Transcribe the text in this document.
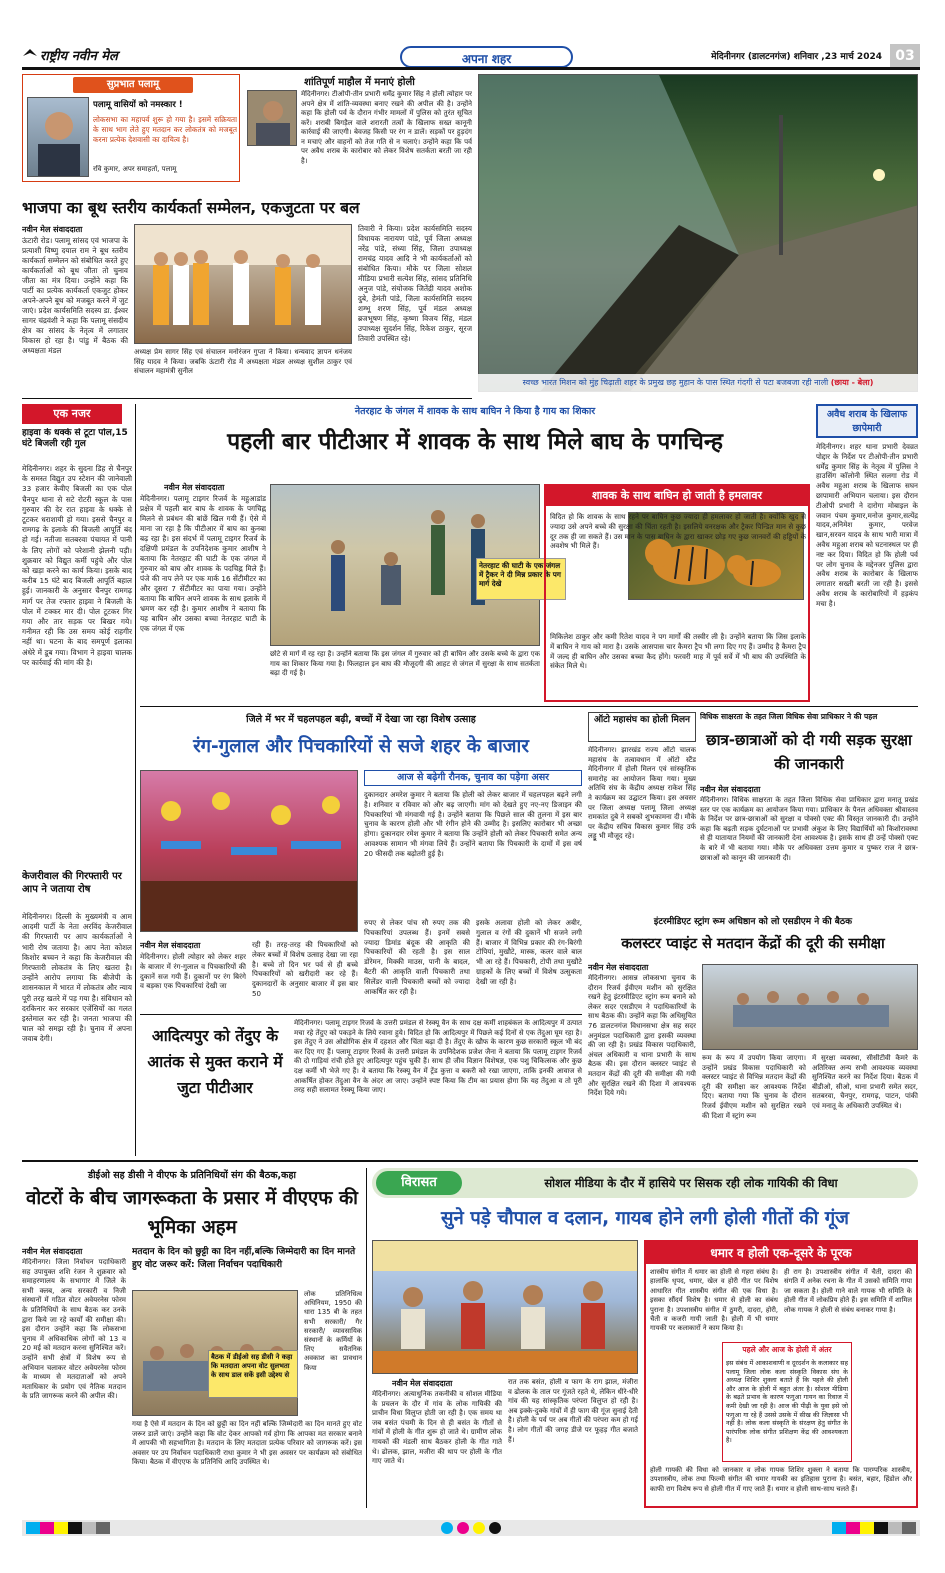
राष्ट्रीय नवीन मेल	अपना शहर	मेदिनीनगर (डालटनगंज) शनिवार ,23 मार्च 2024 03
सुप्रभात पलामू
पलामू वासियों को नमस्कार !
लोकसभा का महापर्व शुरू हो गया है। इसमें सक्रियता के साथ भाग लेते हुए मतदान कर लोकतंत्र को मजबूत करना प्रत्येक देशवासी का दायित्व है।
रवि कुमार, अपर समाहर्ता, पलामू
शांतिपूर्ण माहौल में मनाएं होली
मेदिनीनगर। टीओपी-तीन प्रभारी धर्मेंद्र कुमार सिंह ने होली त्योहार पर अपने क्षेत्र में शांति-व्यवस्था बनाए रखने की अपील की है। उन्होंने कहा कि होली पर्व के दौरान गंभीर मामलों में पुलिस को तुरंत सूचित करें। शराबी बिगड़ैल वाले शरारती तत्वों के खिलाफ सख्त कानूनी कार्रवाई की जाएगी। बेवजह किसी पर रंग न डालें। सड़कों पर हुड़दंग न मचाएं और वाहनों को तेज गति से न चलाएं। उन्होंने कहा कि पर्व पर अवैध शराब के कारोबार को लेकर विशेष सतर्कता बरती जा रही है।
स्वच्छ भारत मिशन को मुंह चिढ़ाती शहर के प्रमुख छह मुहान के पास स्थित गंदगी से पटा बजबजा रही नाली (छाया - बेला)
भाजपा का बूथ स्तरीय कार्यकर्ता सम्मेलन, एकजुटता पर बल
नवीन मेल संवाददाता
ऊंटारी रोड। पलामू सांसद एवं भाजपा के प्रत्याशी विष्णु दयाल राम ने बूथ स्तरीय कार्यकर्ता सम्मेलन को संबोधित करते हुए कार्यकर्ताओं को बूथ जीता तो चुनाव जीता का मंत्र दिया। उन्होंने कहा कि पार्टी का प्रत्येक कार्यकर्ता एकजुट होकर अपने-अपने बूथ को मजबूत करने में जुट जाएं। प्रदेश कार्यसमिति सदस्य डा. ईश्वर सागर चंद्रवंशी ने कहा कि पलामू संसदीय क्षेत्र का सांसद के नेतृत्व में लगातार विकास हो रहा है। पांडु में बैठक की अध्यक्षता मंडल	अध्यक्ष प्रेम सागर सिंह एवं संचालन मनोरंजन गुप्ता ने किया। धन्यवाद ज्ञापन धनंजय सिंह यादव ने किया। जबकि ऊंटारी रोड में अध्यक्षता मंडल अध्यक्ष सुशील ठाकुर एवं संचालन महामंत्री सुनील
तिवारी ने किया। प्रदेश कार्यसमिति सदस्य विधायक नारायण पांडे, पूर्व जिला अध्यक्ष नरेंद्र पांडे, संध्या सिंह, जिला उपाध्यक्ष रामचंद्र यादव आदि ने भी कार्यकर्ताओं को संबोधित किया। मौके पर जिला सोशल मीडिया प्रभारी सत्येश सिंह, सांसद प्रतिनिधि अनुज पांडे, संयोजक जितेंद्री यादव अशोक दुबे, हेमंती पांडे, जिला कार्यसमिति सदस्य शम्भू शरण सिंह, पूर्व मंडल अध्यक्ष ब्रजभूषण सिंह, कृष्णा विजय सिंह, मंडल उपाध्यक्ष सुदर्शन सिंह, रिकेश ठाकुर, सूरज तिवारी उपस्थित रहे।
एक नजर
हाइवा के धक्के से टूटा पोल,15 घंटे बिजली रही गुल
मेदिनीनगर। शहर के सुदना डिह से चैनपुर के समस्त विद्युत उप स्टेशन की जानेवाली 33 हजार केवीए बिजली का एक पोल चैनपुर थाना से सटे रोटरी स्कूल के पास गुरुवार की देर रात हाइवा के धक्के से टूटकर धराशायी हो गया। इससे चैनपुर व रामगढ़ के इलाके की बिजली आपूर्ति बंद हो गई। नतीजा सतबरवा पंचायत में पानी के लिए लोगों को परेशानी झेलनी पड़ी। शुक्रवार को विद्युत कर्मी पहुंचे और पोल को खड़ा करने का कार्य किया। इसके बाद करीब 15 घंटे बाद बिजली आपूर्ति बहाल हुई। जानकारी के अनुसार चैनपुर रामगढ़ मार्ग पर तेज रफ्तार हाइवा ने बिजली के पोल में टक्कर मार दी। पोल टूटकर गिर गया और तार सड़क पर बिखर गये। गनीमत रही कि उस समय कोई राहगीर नहीं था। घटना के बाद समपूर्ण इलाका अंधेरे में डूब गया। विभाग ने हाइवा चालक पर कार्रवाई की मांग की है।
केजरीवाल की गिरफ्तारी पर आप ने जताया रोष
मेदिनीनगर। दिल्ली के मुख्यमंत्री व आम आदमी पार्टी के नेता अरविंद केजरीवाल की गिरफ्तारी पर आप कार्यकर्ताओं ने भारी रोष जताया है। आप नेता कोशल किशोर बच्चन ने कहा कि केजरीवाल की गिरफ्तारी लोकतंत्र के लिए खतरा है। उन्होंने आरोप लगाया कि बीजेपी के शासनकाल में भारत में लोकतंत्र और न्याय पूरी तरह खतरे में पड़ गया है। संविधान को दरकिनार कर सरकार एजेंसियों का गलत इस्तेमाल कर रही है। जनता भाजपा की चाल को समझ रही है। चुनाव में अपना जवाब देगी।
नेतरहाट के जंगल में शावक के साथ बाघिन ने किया है गाय का शिकार
पहली बार पीटीआर में शावक के साथ मिले बाघ के पगचिन्ह
नवीन मेल संवाददाता
मेदिनीनगर। पलामू टाइगर रिजर्व के महुआडांड प्रक्षेत्र में पहली बार बाघ के शावक के पगचिह्न मिलने से प्रबंधन की बांछें खिल गयी हैं। ऐसे में माना जा रहा है कि पीटीआर में बाघ का कुनबा बढ़ रहा है। इस संदर्भ में पलामू टाइगर रिजर्व के दक्षिणी प्रमंडल के उपनिदेशक कुमार आशीष ने बताया कि नेतरहाट की घाटी के एक जंगल में गुरुवार को बाघ और शावक के पदचिह्न मिले हैं। पंजे की नाप लेने पर एक मार्क 16 सेंटीमीटर का और दूसरा 7 सेंटीमीटर का पाया गया। उन्होंने बताया कि बाघिन अपने शावक के साथ इलाके में भ्रमण कर रही है। कुमार आशीष ने बताया कि यह बाघिन और उसका बच्चा नेतरहाट घाटी के एक जंगल में एक
नेतरहाट की घाटी के एक जंगल में ट्रैकर ने दी मिन्न प्रकार के पग मार्ग देखे
छोटे से मार्ग में रह रहा है। उन्होंने बताया कि इस जंगल में गुरुवार को ही बाघिन और उसके बच्चे के द्वारा एक गाय का शिकार किया गया है। फिलहाल इन बाघ की मौजूदगी की आहट से जंगल में सुरक्षा के साथ सतर्कता बढ़ा दी गई है।
शावक के साथ बाघिन हो जाती है हमलावर
विदित हो कि शावक के साथ रहने पर बाघिन कुछ ज्यादा ही हमलावर हो जाती है। क्योंकि खुद से ज्यादा उसे अपने बच्चे की सुरक्षा की चिंता रहती है। इसलिये वनरक्षक और ट्रैकर पिन्डित मान से कुछ दूर तक ही जा सकते हैं। उस मान के पास बाघिन के द्वारा खाकर छोड़ गए कुछ जानवरों की हड्डियों के अवशेष भी मिले हैं।
मिकिलेश ठाकुर और कमी रितेश यादव ने पग मार्गों की तस्वीर ली है। उन्होंने बताया कि जिस इलाके में बाघिन ने गाय को मारा है। उसके आसपास चार कैमरा ट्रैप भी लगा दिए गए हैं। उम्मीद है कैमरा ट्रैप में जल्द ही बाघिन और उसका बच्चा कैद होंगे। फरवरी माह में पूर्व सर्वे में भी बाघ की उपस्थिति के संकेत मिले थे।
अवैध शराब के खिलाफ छापेमारी
मेदिनीनगर। शहर थाना प्रभारी देवव्रत पोद्दार के निर्देश पर टीओपी-तीन प्रभारी धर्मेंद्र कुमार सिंह के नेतृत्व में पुलिस ने हाउसिंग कॉलोनी स्थित सलगा रोड में अवैध महुआ शराब के खिलाफ सघन छापामारी अभियान चलाया। इस दौरान टीओपी प्रभारी ने दारोगा मोबाइल के जवान पंचम कुमार,मनोज कुमार,सत्येंद्र यादव,अनिमेश कुमार, परवेज खान,सरवन यादव के साथ भारी मात्रा में अवैध महुआ शराब को घटनास्थल पर ही नष्ट कर दिया। विदित हो कि होली पर्व पर लोग चुनाव के मद्देनजर पुलिस द्वारा अवैध शराब के कारोबार के खिलाफ लगातार सख्ती बरती जा रही है। इससे अवैध शराब के कारोबारियों में हड़कंप मचा है।
जिले में भर में चहलपहल बढ़ी, बच्चों में देखा जा रहा विशेष उत्साह
रंग-गुलाल और पिचकारियों से सजे शहर के बाजार
आज से बढ़ेगी रौनक, चुनाव का पड़ेगा असर
दुकानदार अमरेश कुमार ने बताया कि होली को लेकर बाजार में चहलपहल बढ़ने लगी है। शनिवार व रविवार को और बढ़ जाएगी। मांग को देखते हुए नए-नए डिजाइन की पिचकारियां भी मंगवायी गई है। उन्होंने बताया कि पिछले साल की तुलना में इस बार चुनाव के कारण होली और भी रंगीन होने की उम्मीद है। इसलिए कारोबार भी अच्छा होगा। दुकानदार रमेश कुमार ने बताया कि उन्होंने होली को लेकर पिचकारी समेत अन्य आवश्यक सामान भी मंगवा लिये हैं। उन्होंने बताया कि पिचकारी के दामों में इस वर्ष 20 फीसदी तक बढ़ोतरी हुई है।
नवीन मेल संवाददाता
मेदिनीनगर। होली त्योहार को लेकर शहर के बाजार में रंग-गुलाल व पिचकारियों की दुकानें सज गयी हैं। दुकानों पर रंग बिरंगे व बड़का एक पिचकारियां देखी जा
रही हैं। तरह-तरह की पिचकारियों को लेकर बच्चों में विशेष उत्साह देखा जा रहा है। बच्चे तो दिन भर पर्व से ही बच्चे पिचकारियों को खरीदारी कर रहे हैं। दुकानदारों के अनुसार बाजार में इस बार 50
रुपए से लेकर पांच सौ रुपए तक की पिचकारियां उपलब्ध हैं। इनमें सबसे ज्यादा डिमांड बंदूक की आकृति की पिचकारियों की रहती है। इस साल डोरेमन, मिक्की माउस, पानी के बादल, बैटरी की आकृति वाली पिचकारी तथा सिलेंडर वाली पिचकारी बच्चों को ज्यादा आकर्षित कर रही है।
इसके अलावा होली को लेकर अबीर, गुलाल व रंगों की दुकानें भी सजने लगी हैं। बाजार में विभिन्न प्रकार की रंग-बिरंगी टोपियां, मुखौटे, मास्क, कलर वाले बाल भी आ रहे हैं। पिचकारी, टोपी तथा मुखौटे ग्राहकों के लिए बच्चों में विशेष उत्सुकता देखी जा रही है।
ऑटो महासंघ का होली मिलन
मेदिनीनगर। झारखंड राज्य ऑटो चालक महासंघ के तत्वावधान में ऑटो स्टैंड मेदिनीनगर में होली मिलन एवं सांस्कृतिक समारोह का आयोजन किया गया। मुख्य अतिथि संघ के केंद्रीय अध्यक्ष राकेश सिंह ने कार्यक्रम का उद्घाटन किया। इस अवसर पर जिला अध्यक्ष पलामू जिला अध्यक्ष रामकांत दुबे ने सबको शुभकामना दी। मौके पर केंद्रीय सचिव विकास कुमार सिंह उर्फ लड्डू भी मौजूद रहे।
विधिक साक्षरता के तहत जिला विधिक सेवा प्राधिकार ने की पहल
छात्र-छात्राओं को दी गयी सड़क सुरक्षा की जानकारी
नवीन मेल संवाददाता
मेदिनीनगर। विधिक साक्षरता के तहत जिला विधिक सेवा प्राधिकार द्वारा मनातू प्रखंड स्तर पर एक कार्यक्रम का आयोजन किया गया। प्राधिकार के पैनल अधिवक्ता श्रीवास्तव के निर्देश पर छात्र-छात्राओं को सुरक्षा व पोक्सो एक्ट की विस्तृत जानकारी दी। उन्होंने कहा कि बढ़ती सड़क दुर्घटनाओं पर प्रभावी अंकुश के लिए विद्यार्थियों को किशोरावस्था से ही यातायात नियमों की जानकारी देना आवश्यक है। इसके साथ ही उन्हें पोक्सो एक्ट के बारे में भी बताया गया। मौके पर अधिवक्ता उत्तम कुमार व पुष्कर राज ने छात्र-छात्राओं को कानून की जानकारी दी।
इंटरमीडिएट स्ट्रांग रूम अधिष्ठान को लो एसडीएम ने की बैठक
कलस्टर प्वाइंट से मतदान केंद्रों की दूरी की समीक्षा
नवीन मेल संवाददाता
मेदिनीनगर। आसन्न लोकसभा चुनाव के दौरान रिजर्व ईवीएम मशीन को सुरक्षित रखने हेतु इंटरमीडिएट स्ट्रांग रूम बनाने को लेकर सदर एसडीएम ने पदाधिकारियों के साथ बैठक की। उन्होंने कहा कि अधिसूचित 76 डालटनगंज विधानसभा क्षेत्र सह सदर अनुमंडल पदाधिकारी द्वारा इसकी व्यवस्था की जा रही है। प्रखंड विकास पदाधिकारी, अंचल अधिकारी व थाना प्रभारी के साथ बैठक की। इस दौरान क्लस्टर प्वाइंट से मतदान केंद्रों की दूरी की समीक्षा की गयी और सुरक्षित रखने की दिशा में आवश्यक निर्देश दिये गये।
रूम के रूप में उपयोग किया जाएगा। उन्होंने प्रखंड विकास पदाधिकारी को क्लस्टर प्वाइंट से विभिन्न मतदान केंद्रों की दूरी की समीक्षा कर आवश्यक निर्देश दिए। बताया गया कि चुनाव के दौरान रिजर्व ईवीएम मशीन को सुरक्षित रखने की दिशा में स्ट्रांग रूम
में सुरक्षा व्यवस्था, सीसीटीवी कैमरे के अतिरिक्त अन्य सभी आवश्यक व्यवस्था सुनिश्चित करने का निर्देश दिया। बैठक में बीडीओ, सीओ, थाना प्रभारी समेत सदर, सतबरवा, चैनपुर, रामगढ़, पाटन, पांकी एवं मनातू के अधिकारी उपस्थित थे।
आदित्यपुर को तेंदुए के आतंक से मुक्त कराने में जुटा पीटीआर
मेदिनीनगर। पलामू टाइगर रिजर्व के उत्तरी प्रमंडल से रेस्क्यू वैन के साथ दक्ष कर्मी शाहबंकल के आदित्यपुर में उत्पात मचा रहे तेंदुए को पकड़ने के लिये रवाना हुये। विदित हो कि आदित्यपुर में पिछले कई दिनों से एक तेंदुआ घूम रहा है। इस तेंदुए ने उस ओद्योगिक क्षेत्र में दहशत और चिंता बढ़ा दी है। तेंदुए के खौफ के कारण कुछ सरकारी स्कूल भी बंद कर दिए गए हैं। पलामू टाइगर रिजर्व के उत्तरी प्रमंडल के उपनिदेशक प्रजेश जैना ने बताया कि पलामू टाइगर रिजर्व की दो गाड़ियां रांची होते हुए आदित्यपुर पहुंच चुकी हैं। साथ ही जीव विज्ञान विशेषज्ञ, एक पशु चिकित्सक और कुछ दक्ष कर्मी भी भेजे गए हैं। वे बताया कि रेस्क्यू वैन में ट्रेंड कुत्ता व बकरी को रखा जाएगा, ताकि इनकी आवाज से आकर्षित होकर तेंदुआ वैन के अंदर आ जाए। उन्होंने स्पष्ट किया कि टीम का प्रयास होगा कि यह तेंदुआ व तो पूरी तरह सही सलामत रेस्क्यू किया जाए।
डीईओ सह डीसी ने वीएफ के प्रतिनिधियों संग की बैठक,कहा
वोटरों के बीच जागरूकता के प्रसार में वीएएफ की भूमिका अहम
नवीन मेल संवाददाता
मेदिनीनगर। जिला निर्वाचन पदाधिकारी सह उपायुक्त शशि रंजन ने शुक्रवार को समाहरणालय के सभागार में जिले के सभी क्लब, अन्य सरकारी व निजी संस्थानों में गठित वोटर अवेयरनेस फोरम के प्रतिनिधियों के साथ बैठक कर उनके द्वारा किये जा रहे कार्यों की समीक्षा की। इस दौरान उन्होंने कहा कि लोकसभा चुनाव में अधिकाधिक लोगों को 13 व 20 मई को मतदान करना सुनिश्चित करें। उन्होंने सभी क्षेत्रों में विशेष रूप से अभियान चलाकर वोटर अवेयरनेस फोरम के माध्यम से मतदाताओं को अपने मताधिकार के प्रयोग एवं नैतिक मतदान के प्रति जागरूक करने की अपील की।
मतदान के दिन को छुट्टी का दिन नहीं,बल्कि जिम्मेदारी का दिन मानते हुए वोट जरूर करें: जिला निर्वाचन पदाधिकारी
बैठक में डीईओ सह डीसी ने कहा कि मतदाता अपना वोट सुलभता के साथ डाल सकें इसी उद्देश्य से
लोक प्रतिनिधित्व अधिनियम, 1950 की धारा 135 बी के तहत सभी सरकारी/ गैर सरकारी/ व्यावसायिक संस्थानों के कर्मियों के लिए सवैतनिक अवकाश का प्रावधान किया
गया है ऐसे में मतदान के दिन को छुट्टी का दिन नहीं बल्कि जिम्मेदारी का दिन मानते हुए वोट जरूर डालें जाएं। उन्होंने कहा कि वोट देकर आपको गर्व होगा कि आपका मत सरकार बनाने में आपकी भी सहभागिता है। मतदान के लिए मतदाता प्रत्येक परिवार को जागरूक करें। इस अवसर पर उप निर्वाचन पदाधिकारी राधा कुमार ने भी इस अवसर पर कार्यक्रम को संबोधित किया। बैठक में वीएएफ के प्रतिनिधि आदि उपस्थित थे।
विरासत	सोशल मीडिया के दौर में हासिये पर सिसक रही लोक गायिकी की विधा
सुने पड़े चौपाल व दलान, गायब होने लगी होली गीतों की गूंज
नवीन मेल संवाददाता
मेदिनीनगर। अत्याधुनिक तकनीकी व सोशल मीडिया के प्रचलन के दौर में गांव के लोक गायिकी की प्राचीन विधा विलुप्त होती जा रही है। एक समय था जब बसंत पंचमी के दिन से ही बसंत के गीतों से गांवों में होली के गीत शुरू हो जाते थे। ग्रामीण लोक गायकों की मंडली साथ बैठकर होली के गीत गाते थे। ढोलक, झाल, मजीरा की थाप पर होली के गीत गाए जाते थे।
रात तक बसंत, होली व फाग के राग झाल, मंजीरा व ढोलक के ताल पर गूंजते रहते थे, लेकिन धीरे-धीरे गांव की यह सांस्कृतिक परंपरा विलुप्त हो रही है। अब इक्के-दुक्के गांवों में ही फाग की गूंज सुनाई देती है। होली के पर्व पर अब गीतों की परंपरा कम हो गई है। लोग गीतों की जगह डीजे पर फूहड़ गीत बजाते हैं।
धमार व होली एक-दूसरे के पूरक
शास्त्रीय संगीत में धमार का होली से गहरा संबंध है। हालांकि धृपद, धमार, खेल व होरी गीत पर विशेष आधारित गीत शास्त्रीय संगीत की एक विधा है। इसका सौंदर्य विशेष है। धमार से होली का संबंध पुराना है। उपशास्त्रीय संगीत में ठुमरी, दादरा, होरी, चैती व कजरी गायी जाती है। होली में भी धमार गायकी पर कलाकारों ने काम किया है।
ही राग है। उपशास्त्रीय संगीत में चैती, दादरा की संगति में अनेक रचना के गीत में उसको समिति गाया जा सकता है। होली गाने वाले गायक भी समिति के होली गीत में लोकप्रिय होते हैं। इस समिति में शामिल लोक गायक ने होली से संबंध बनाकर गाया है।
पहले और आज के होली में अंतर
इस संबंध में आकाशवाणी व दूरदर्शन के कलाकार सह पलामू जिला लोक कला संस्कृति विकास संघ के अध्यक्ष शिशिर शुक्ला बताते हैं कि पहले की होली और आज के होली में बहुत अंतर है। सोशल मीडिया के बढ़ते प्रभाव के कारण फगुआ गायन का रिवाज में कमी देखी जा रही है। आज की पीढ़ी के युवा इसे जो फगुआ गा रहे हैं उससे उसके में सीख की जिज्ञासा भी नहीं है। लोक कला संस्कृति के संरक्षण हेतु संगीत के पारंपरिक लोक संगीत प्रशिक्षण केंद्र की आवश्यकता है।
होली गायकी की विधा को जानकार व लोक गायक शिशिर शुक्ला ने बताया कि पारम्परिक शास्त्रीय, उपशास्त्रीय, लोक तथा फिल्मी संगीत की धमार गायकी का इतिहास पुराना है। बसंत, बहार, हिंडोल और काफी राग विशेष रूप से होली गीत में गाए जाते हैं। धमार व होली साथ-साथ चलते हैं।
